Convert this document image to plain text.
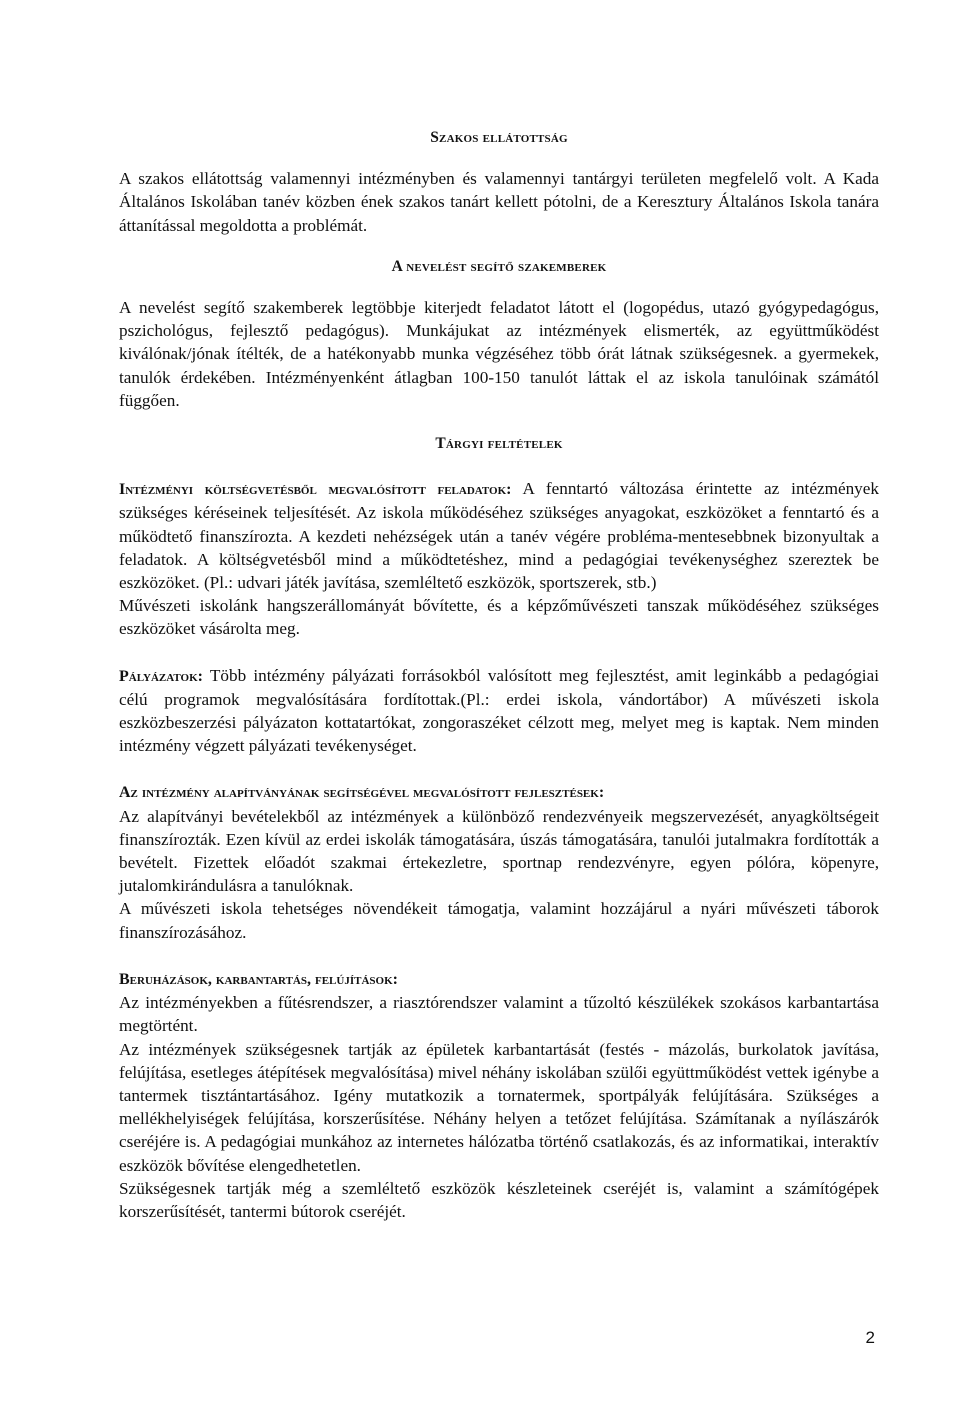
Szakos ellátottság

A szakos ellátottság valamennyi intézményben és valamennyi tantárgyi területen megfelelő volt. A Kada Általános Iskolában tanév közben ének szakos tanárt kellett pótolni, de a Keresztury Általános Iskola tanára áttanítással megoldotta a problémát.

A nevelést segítő szakemberek

A nevelést segítő szakemberek legtöbbje kiterjedt feladatot látott el (logopédus, utazó gyógypedagógus, pszichológus, fejlesztő pedagógus). Munkájukat az intézmények elismerték, az együttműködést kiválónak/jónak ítélték, de a hatékonyabb munka végzéséhez több órát látnak szükségesnek. a gyermekek, tanulók érdekében. Intézményenként átlagban 100-150 tanulót láttak el az iskola tanulóinak számától függően.

Tárgyi feltételek

Intézményi költségvetésből megvalósított feladatok: A fenntartó változása érintette az intézmények szükséges kéréseinek teljesítését. Az iskola működéséhez szükséges anyagokat, eszközöket a fenntartó és a működtető finanszírozta. A kezdeti nehézségek után a tanév végére probléma-mentesebbnek bizonyultak a feladatok. A költségvetésből mind a működtetéshez, mind a pedagógiai tevékenységhez szereztek be eszközöket. (Pl.: udvari játék javítása, szemléltető eszközök, sportszerek, stb.)

Művészeti iskolánk hangszerállományát bővítette, és a képzőművészeti tanszak működéséhez szükséges eszközöket vásárolta meg.

Pályázatok: Több intézmény pályázati forrásokból valósított meg fejlesztést, amit leginkább a pedagógiai célú programok megvalósítására fordítottak.(Pl.: erdei iskola, vándortábor) A művészeti iskola eszközbeszerzési pályázaton kottatartókat, zongoraszéket célzott meg, melyet meg is kaptak. Nem minden intézmény végzett pályázati tevékenységet.

Az intézmény alapítványának segítségével megvalósított fejlesztések:

Az alapítványi bevételekből az intézmények a különböző rendezvényeik megszervezését, anyagköltségeit finanszírozták. Ezen kívül az erdei iskolák támogatására, úszás támogatására, tanulói jutalmakra fordították a bevételt. Fizettek előadót szakmai értekezletre, sportnap rendezvényre, egyen pólóra, köpenyre, jutalomkirándulásra a tanulóknak.

A művészeti iskola tehetséges növendékeit támogatja, valamint hozzájárul a nyári művészeti táborok finanszírozásához.

Beruházások, karbantartás, felújítások:

Az intézményekben a fűtésrendszer, a riasztórendszer valamint a tűzoltó készülékek szokásos karbantartása megtörtént.

Az intézmények szükségesnek tartják az épületek karbantartását (festés - mázolás, burkolatok javítása, felújítása, esetleges átépítések megvalósítása) mivel néhány iskolában szülői együttműködést vettek igénybe a tantermek tisztántartásához. Igény mutatkozik a tornatermek, sportpályák felújítására. Szükséges a mellékhelyiségek felújítása, korszerűsítése. Néhány helyen a tetőzet felújítása. Számítanak a nyílászárók cseréjére is. A pedagógiai munkához az internetes hálózatba történő csatlakozás, és az informatikai, interaktív eszközök bővítése elengedhetetlen.

Szükségesnek tartják még a szemléltető eszközök készleteinek cseréjét is, valamint a számítógépek korszerűsítését, tantermi bútorok cseréjét.

2
